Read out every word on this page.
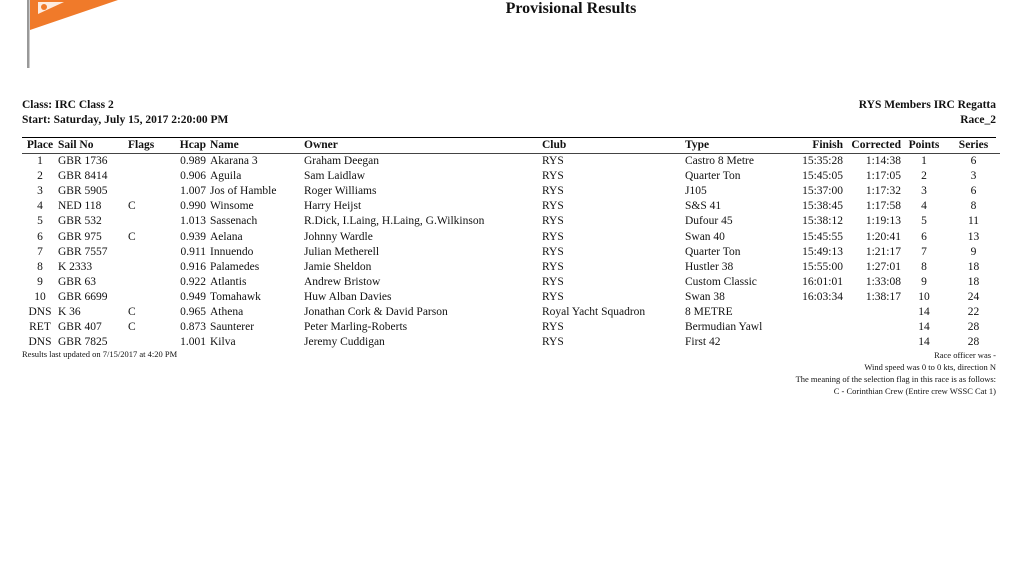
Provisional Results
Class: IRC Class 2
Start: Saturday, July 15, 2017 2:20:00 PM
RYS Members IRC Regatta
Race_2
Place	Sail No	Flags	Hcap	Name	Owner	Club	Type	Finish	Corrected	Points	Series
1	GBR 1736		0.989	Akarana 3	Graham Deegan	RYS	Castro 8 Metre	15:35:28	1:14:38	1	6
2	GBR 8414		0.906	Aguila	Sam Laidlaw	RYS	Quarter Ton	15:45:05	1:17:05	2	3
3	GBR 5905		1.007	Jos of Hamble	Roger Williams	RYS	J105	15:37:00	1:17:32	3	6
4	NED 118	C	0.990	Winsome	Harry Heijst	RYS	S&S 41	15:38:45	1:17:58	4	8
5	GBR 532		1.013	Sassenach	R.Dick, I.Laing, H.Laing, G.Wilkinson	RYS	Dufour 45	15:38:12	1:19:13	5	11
6	GBR 975	C	0.939	Aelana	Johnny Wardle	RYS	Swan 40	15:45:55	1:20:41	6	13
7	GBR 7557		0.911	Innuendo	Julian Metherell	RYS	Quarter Ton	15:49:13	1:21:17	7	9
8	K 2333		0.916	Palamedes	Jamie Sheldon	RYS	Hustler 38	15:55:00	1:27:01	8	18
9	GBR 63		0.922	Atlantis	Andrew Bristow	RYS	Custom Classic	16:01:01	1:33:08	9	18
10	GBR 6699		0.949	Tomahawk	Huw Alban Davies	RYS	Swan 38	16:03:34	1:38:17	10	24
DNS	K 36	C	0.965	Athena	Jonathan Cork & David Parson	Royal Yacht Squadron	8 METRE			14	22
RET	GBR 407	C	0.873	Saunterer	Peter Marling-Roberts	RYS	Bermudian Yawl			14	28
DNS	GBR 7825		1.001	Kilva	Jeremy Cuddigan	RYS	First 42			14	28
Results last updated on 7/15/2017 at 4:20 PM	Race officer was -
Wind speed was 0 to 0 kts, direction N
The meaning of the selection flag in this race is as follows:
C - Corinthian Crew (Entire crew WSSC Cat 1)
